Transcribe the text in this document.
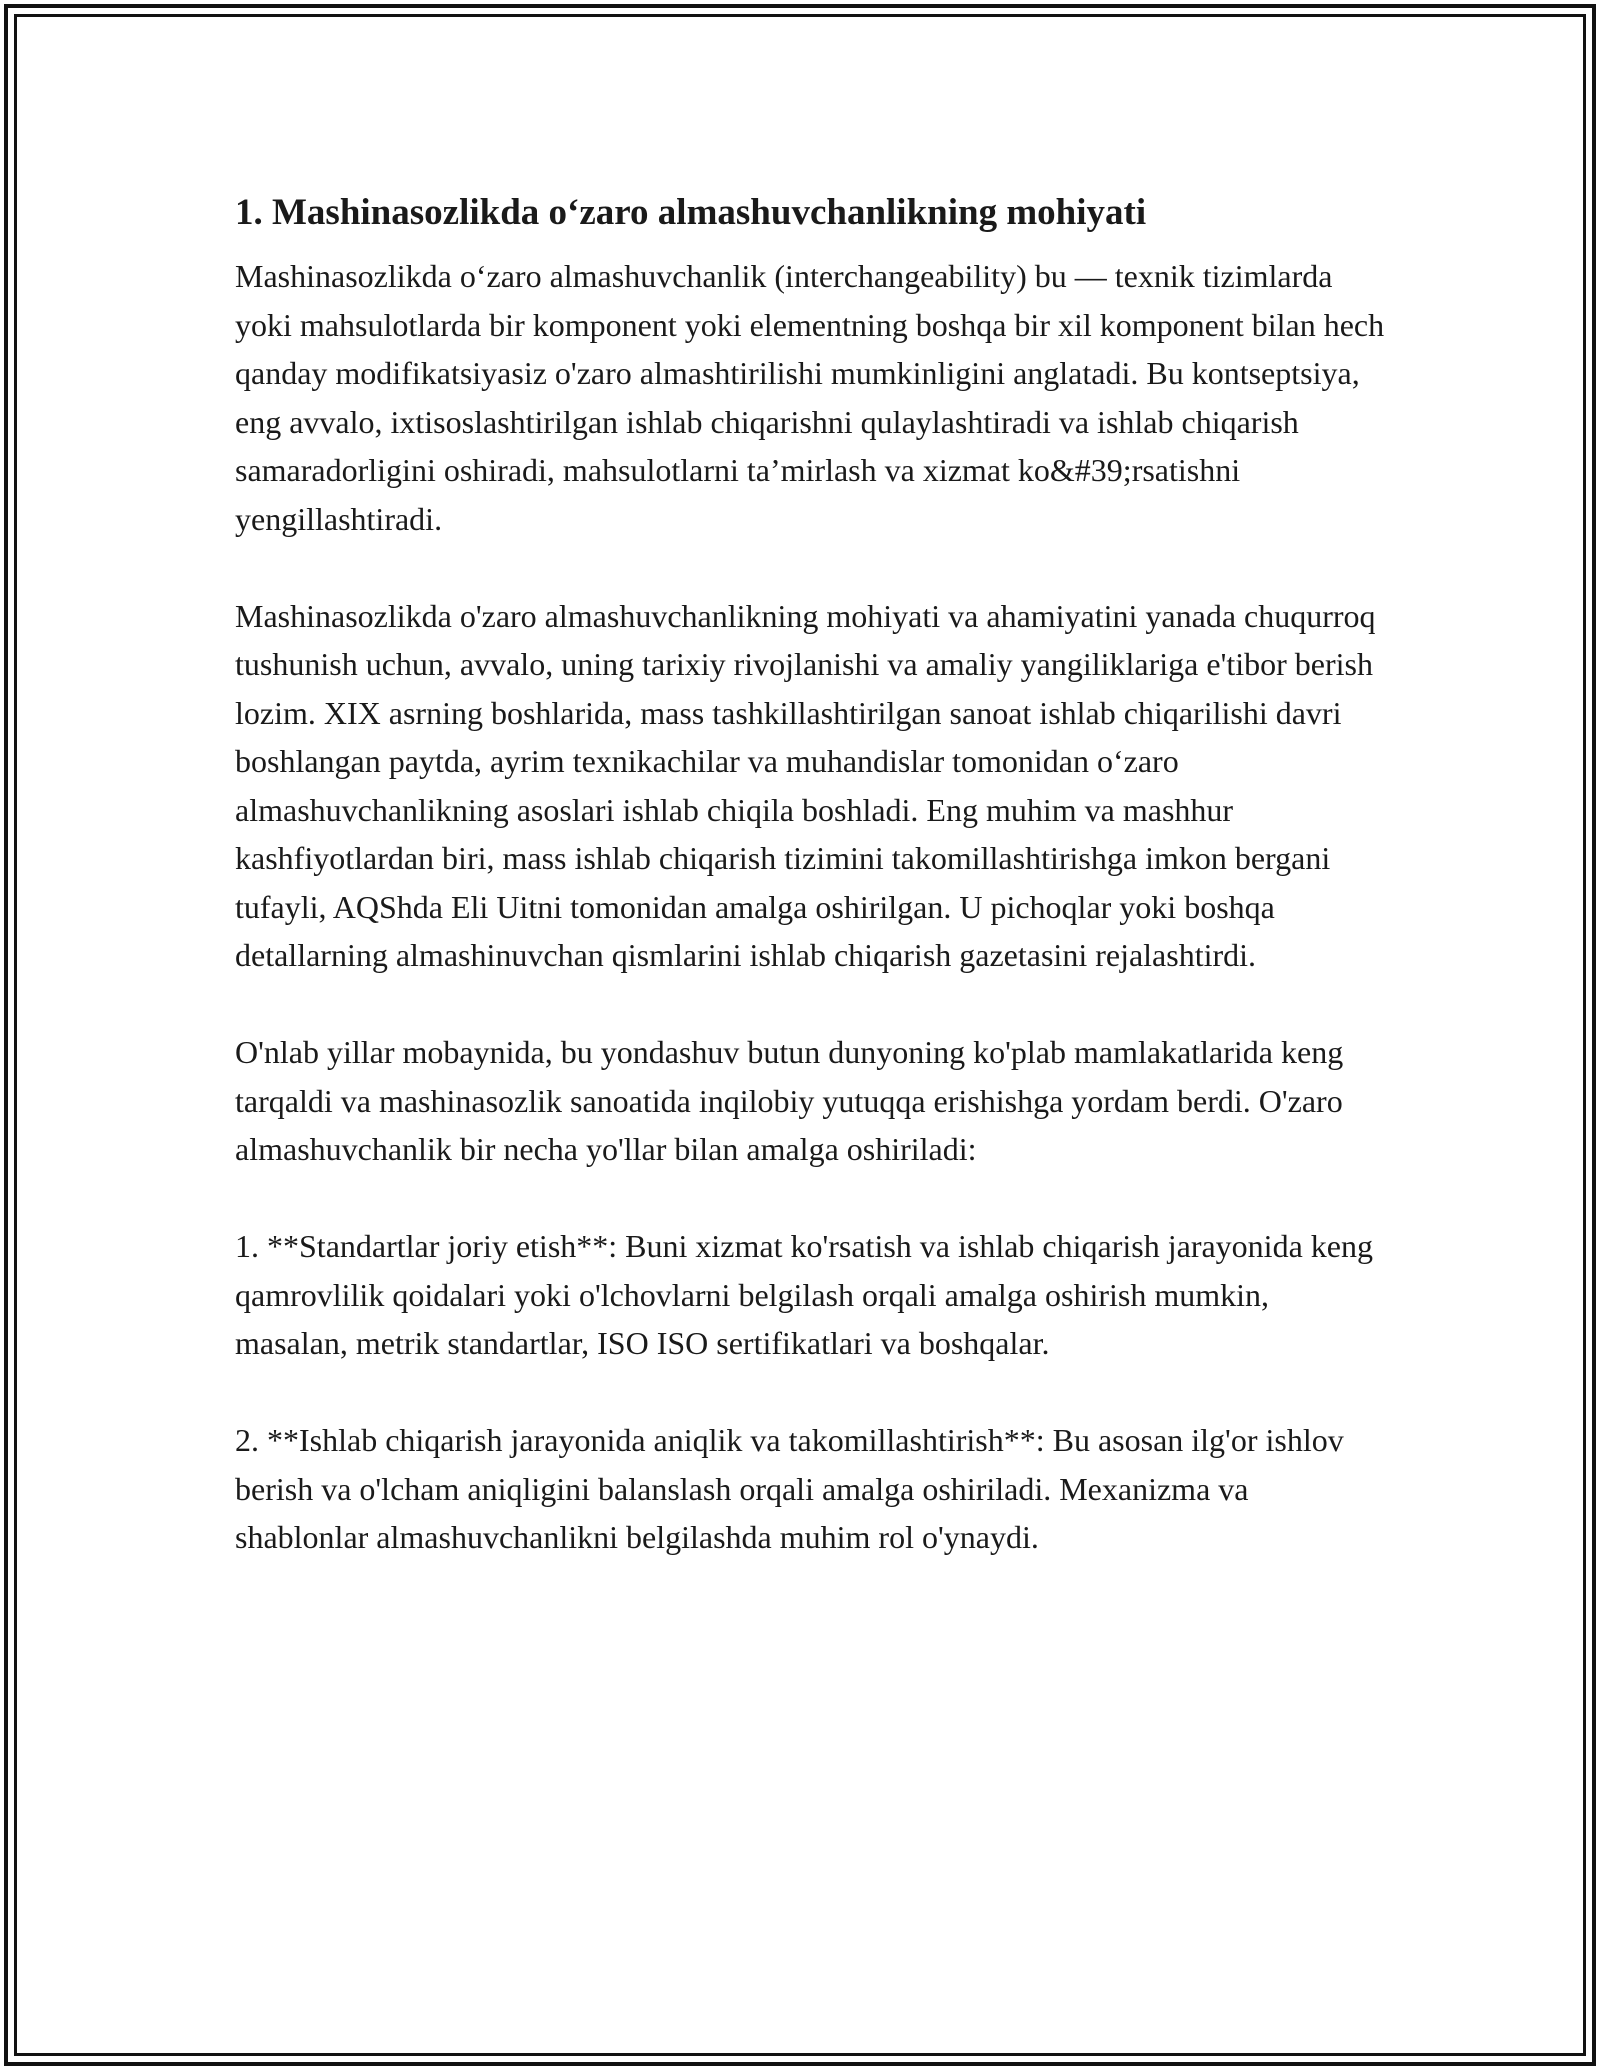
1. Mashinasozlikda o‘zaro almashuvchanlikning mohiyati

Mashinasozlikda o‘zaro almashuvchanlik (interchangeability) bu — texnik tizimlarda yoki mahsulotlarda bir komponent yoki elementning boshqa bir xil komponent bilan hech qanday modifikatsiyasiz o'zaro almashtirilishi mumkinligini anglatadi. Bu kontseptsiya, eng avvalo, ixtisoslashtirilgan ishlab chiqarishni qulaylashtiradi va ishlab chiqarish samaradorligini oshiradi, mahsulotlarni ta’mirlash va xizmat ko&#39;rsatishni yengillashtiradi.

Mashinasozlikda o'zaro almashuvchanlikning mohiyati va ahamiyatini yanada chuqurroq tushunish uchun, avvalo, uning tarixiy rivojlanishi va amaliy yangiliklariga e'tibor berish lozim. XIX asrning boshlarida, mass tashkillashtirilgan sanoat ishlab chiqarilishi davri boshlangan paytda, ayrim texnikachilar va muhandislar tomonidan o‘zaro almashuvchanlikning asoslari ishlab chiqila boshladi. Eng muhim va mashhur kashfiyotlardan biri, mass ishlab chiqarish tizimini takomillashtirishga imkon bergani tufayli, AQShda Eli Uitni tomonidan amalga oshirilgan. U pichoqlar yoki boshqa detallarning almashinuvchan qismlarini ishlab chiqarish gazetasini rejalashtirdi.

O'nlab yillar mobaynida, bu yondashuv butun dunyoning ko'plab mamlakatlarida keng tarqaldi va mashinasozlik sanoatida inqilobiy yutuqqa erishishga yordam berdi. O'zaro almashuvchanlik bir necha yo'llar bilan amalga oshiriladi:

1. **Standartlar joriy etish**: Buni xizmat ko'rsatish va ishlab chiqarish jarayonida keng qamrovlilik qoidalari yoki o'lchovlarni belgilash orqali amalga oshirish mumkin, masalan, metrik standartlar, ISO ISO sertifikatlari va boshqalar.

2. **Ishlab chiqarish jarayonida aniqlik va takomillashtirish**: Bu asosan ilg'or ishlov berish va o'lcham aniqligini balanslash orqali amalga oshiriladi. Mexanizma va shablonlar almashuvchanlikni belgilashda muhim rol o'ynaydi.
